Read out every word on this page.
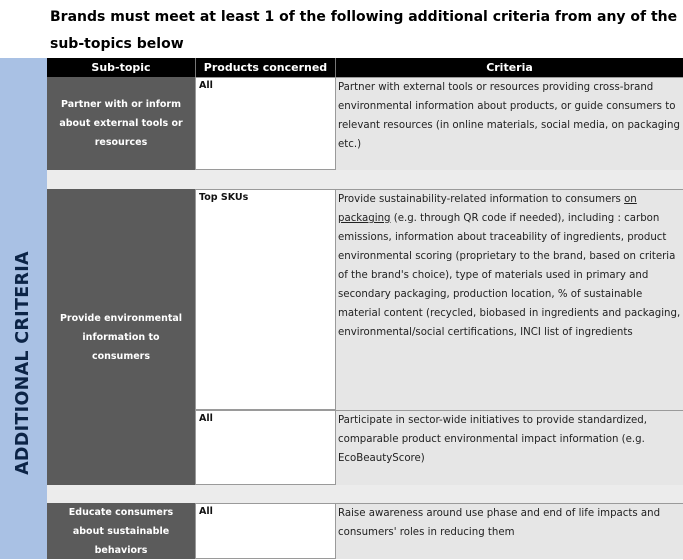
Brands must meet at least 1 of the following additional criteria from any of the sub-topics below
ADDITIONAL CRITERIA
Sub-topic	Products concerned	Criteria
Partner with or inform about external tools or resources
All	Partner with external tools or resources providing cross-brand environmental information about products, or guide consumers to relevant resources (in online materials, social media, on packaging etc.)
Provide environmental information to consumers
Top SKUs	Provide sustainability-related information to consumers on packaging (e.g. through QR code if needed), including : carbon emissions, information about traceability of ingredients, product environmental scoring (proprietary to the brand, based on criteria of the brand's choice), type of materials used in primary and secondary packaging, production location, % of sustainable material content (recycled, biobased in ingredients and packaging, environmental/social certifications, INCI list of ingredients
All	Participate in sector-wide initiatives to provide standardized, comparable product environmental impact information (e.g. EcoBeautyScore)
Educate consumers about sustainable behaviors
All	Raise awareness around use phase and end of life impacts and consumers' roles in reducing them
